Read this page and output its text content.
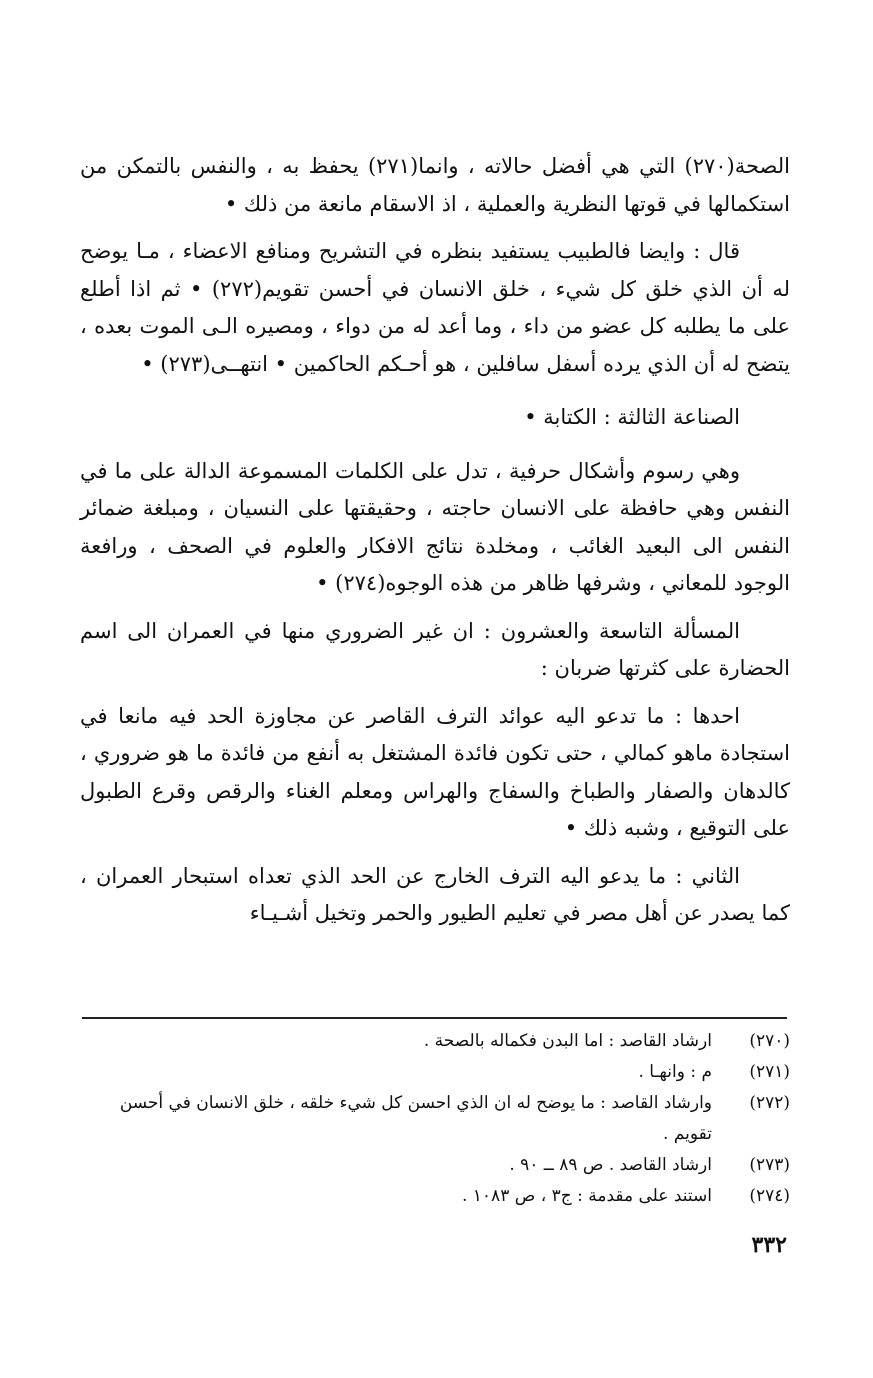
الصحة(٢٧٠) التي هي أفضل حالاته ، وانما(٢٧١) يحفظ به ، والنفس بالتمكن من استكمالها في قوتها النظرية والعملية ، اذ الاسقام مانعة من ذلك •

قال : وايضا فالطبيب يستفيد بنظره في التشريح ومنافع الاعضاء ، مـا يوضح له أن الذي خلق كل شيء ، خلق الانسان في أحسن تقويم(٢٧٢) • ثم اذا أطلع على ما يطلبه كل عضو من داء ، وما أعد له من دواء ، ومصيره الـى الموت بعده ، يتضح له أن الذي يرده أسفل سافلين ، هو أحـكم الحاكمين • انتهــى(٢٧٣) •

الصناعة الثالثة : الكتابة •

وهي رسوم وأشكال حرفية ، تدل على الكلمات المسموعة الدالة على ما في النفس وهي حافظة على الانسان حاجته ، وحقيقتها على النسيان ، ومبلغة ضمائر النفس الى البعيد الغائب ، ومخلدة نتائج الافكار والعلوم في الصحف ، ورافعة الوجود للمعاني ، وشرفها ظاهر من هذه الوجوه(٢٧٤) •

المسألة التاسعة والعشرون : ان غير الضروري منها في العمران الى اسم الحضارة على كثرتها ضربان :

احدها : ما تدعو اليه عوائد الترف القاصر عن مجاوزة الحد فيه مانعا في استجادة ماهو كمالي ، حتى تكون فائدة المشتغل به أنفع من فائدة ما هو ضروري ، كالدهان والصفار والطباخ والسفاج والهراس ومعلم الغناء والرقص وقرع الطبول على التوقيع ، وشبه ذلك •

الثاني : ما يدعو اليه الترف الخارج عن الحد الذي تعداه استبحار العمران ، كما يصدر عن أهل مصر في تعليم الطيور والحمر وتخيل أشـيـاء

(٢٧٠)
ارشاد القاصد : اما البدن فكماله بالصحة .
(٢٧١)
م : وانهـا .
(٢٧٢)
وارشاد القاصد : ما يوضح له ان الذي احسن كل شيء خلقه ، خلق الانسان في أحسن تقويم .
(٢٧٣)
ارشاد القاصد . ص ٨٩ ــ ٩٠ .
(٢٧٤)
استند على مقدمة : ج٣ ، ص ١٠٨٣ .
٣٣٢
